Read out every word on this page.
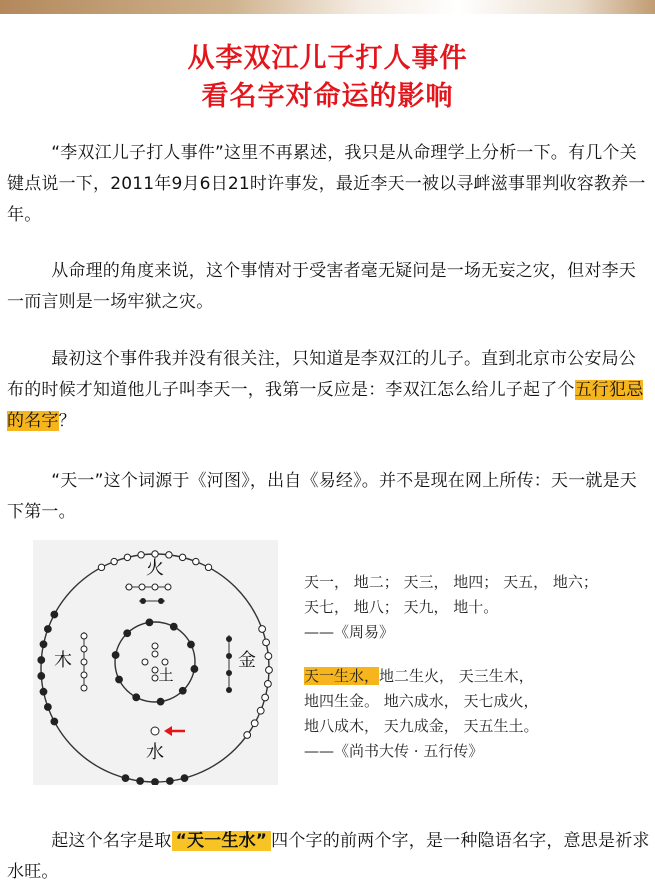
从李双江儿子打人事件
看名字对命运的影响

“李双江儿子打人事件”这里不再累述，我只是从命理学上分析一下。有几个关键点说一下，2011年9月6日21时许事发，最近李天一被以寻衅滋事罪判收容教养一年。

从命理的角度来说，这个事情对于受害者毫无疑问是一场无妄之灾，但对李天一而言则是一场牢狱之灾。

最初这个事件我并没有很关注，只知道是李双江的儿子。直到北京市公安局公布的时候才知道他儿子叫李天一，我第一反应是：李双江怎么给儿子起了个五行犯忌的名字？

“天一”这个词源于《河图》，出自《易经》。并不是现在网上所传：天一就是天下第一。

火
木	金
土
水
天一， 地二； 天三， 地四； 天五， 地六；
天七， 地八； 天九， 地十。
——《周易》
天一生水，地二生火， 天三生木，
地四生金。 地六成水， 天七成火，
地八成木， 天九成金， 天五生土。
——《尚书大传 · 五行传》

起这个名字是取 “天一生水” 四个字的前两个字，是一种隐语名字，意思是祈求水旺。
